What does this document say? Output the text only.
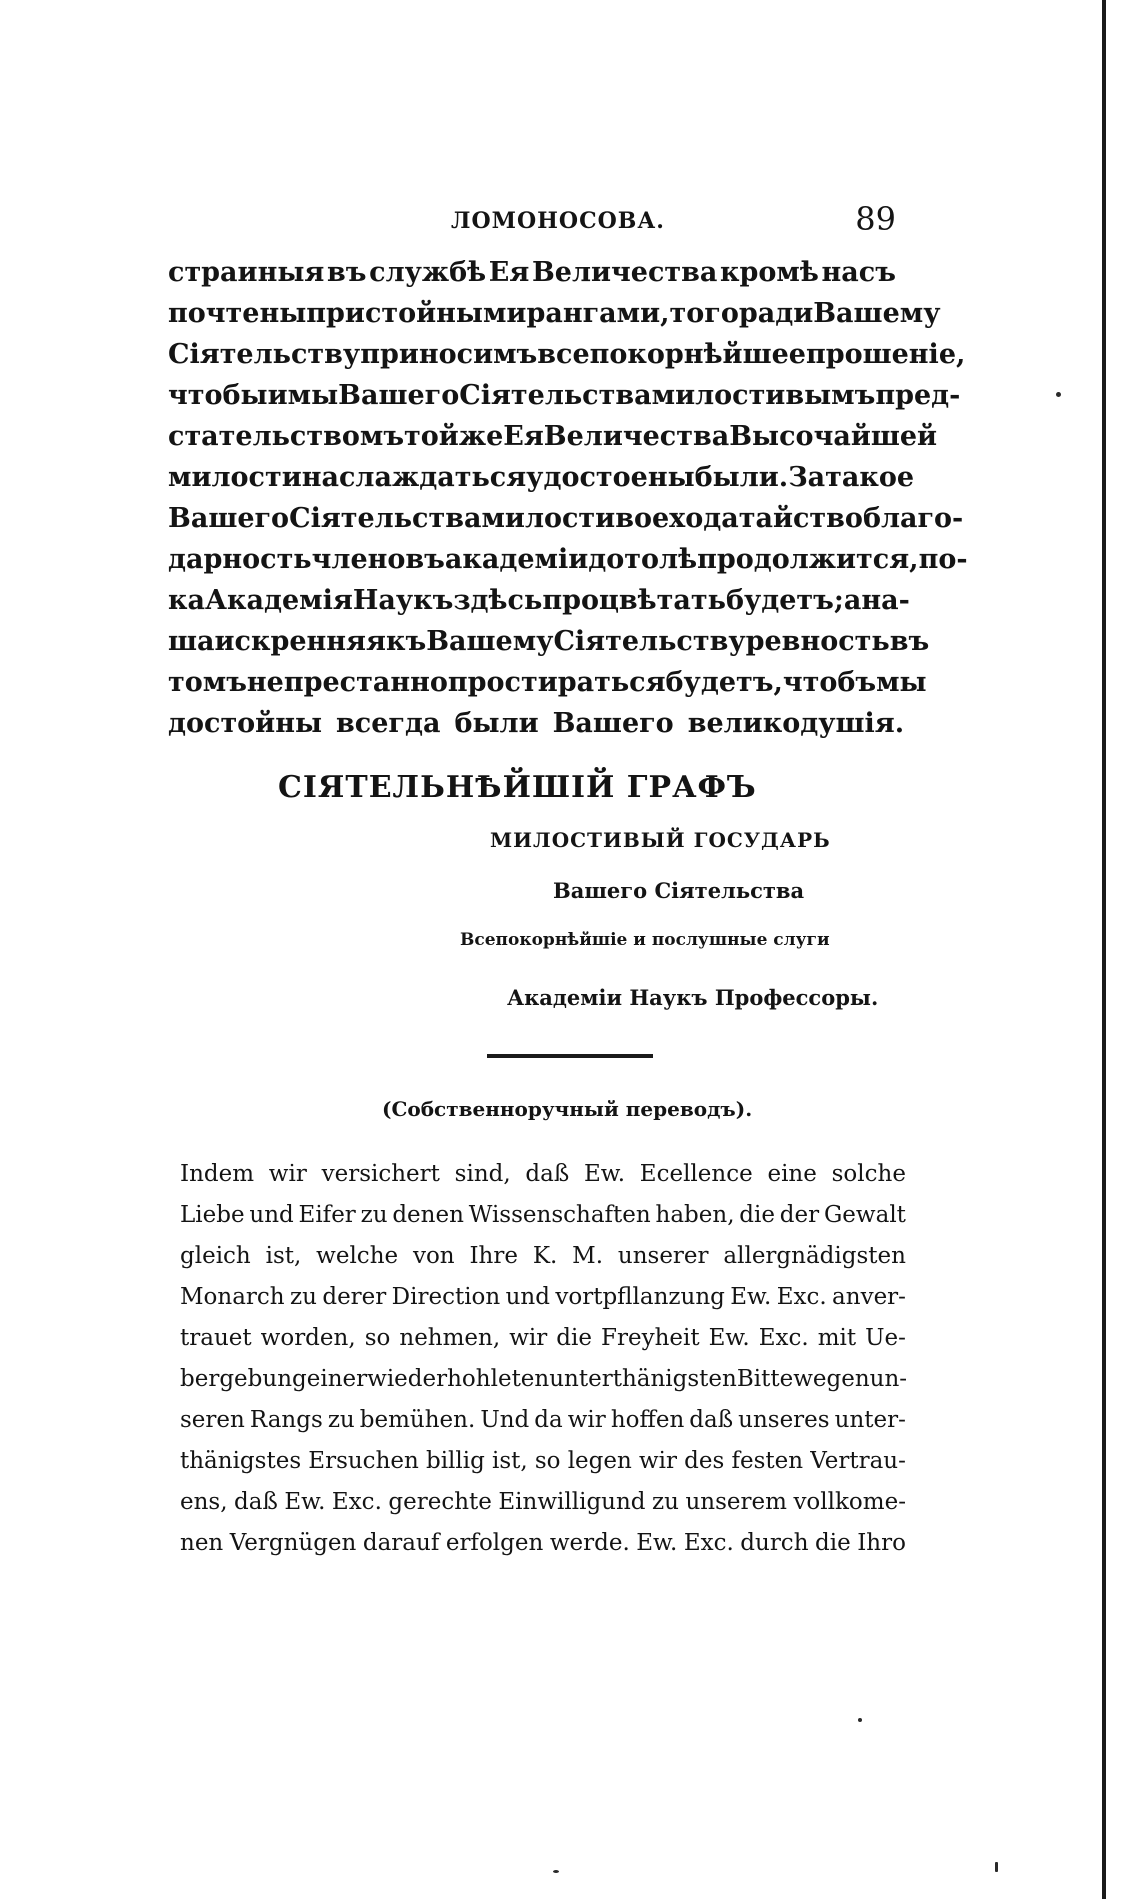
ЛОМОНОСОВА.	89
страиныя въ службѣ Ея Величества кромѣ насъ
почтены пристойными рангами, того ради Вашему
Сіятельству приносимъ всепокорнѣйшее прошеніе,
чтобы и мы Вашего Сіятельства милостивымъ пред-
стательствомъ той же Ея Величества Высочайшей
милости наслаждаться удостоены были. За такое
Вашего Сіятельства милостивое ходатайство благо-
дарность членовъ академіи до толѣ продолжится, по-
ка Академія Наукъ здѣсь процвѣтать будетъ; а на-
ша искренняя къ Вашему Сіятельству ревность въ
томъ непрестанно простираться будетъ, чтобъ мы
достойны всегда были Вашего великодушія.
СІЯТЕЛЬНѢЙШІЙ ГРАФЪ
МИЛОСТИВЫЙ ГОСУДАРЬ
Вашего Сіятельства
Всепокорнѣйшіе и послушные слуги
Академіи Наукъ Профессоры.
(Собственноручный переводъ).
Indem wir versichert sind, daß Ew. Ecellence eine solche
Liebe und Eifer zu denen Wissenschaften haben, die der Gewalt
gleich ist, welche von Ihre K. M. unserer allergnädigsten
Monarch zu derer Direction und vortpfllanzung Ew. Exc. anver-
trauet worden, so nehmen, wir die Freyheit Ew. Exc. mit Ue-
bergebung einer wiederhohleten unterthänigsten Bitte wegen un-
seren Rangs zu bemühen. Und da wir hoffen daß unseres unter-
thänigstes Ersuchen billig ist, so legen wir des festen Vertrau-
ens, daß Ew. Exc. gerechte Einwilligund zu unserem vollkome-
nen Vergnügen darauf erfolgen werde. Ew. Exc. durch die Ihro
